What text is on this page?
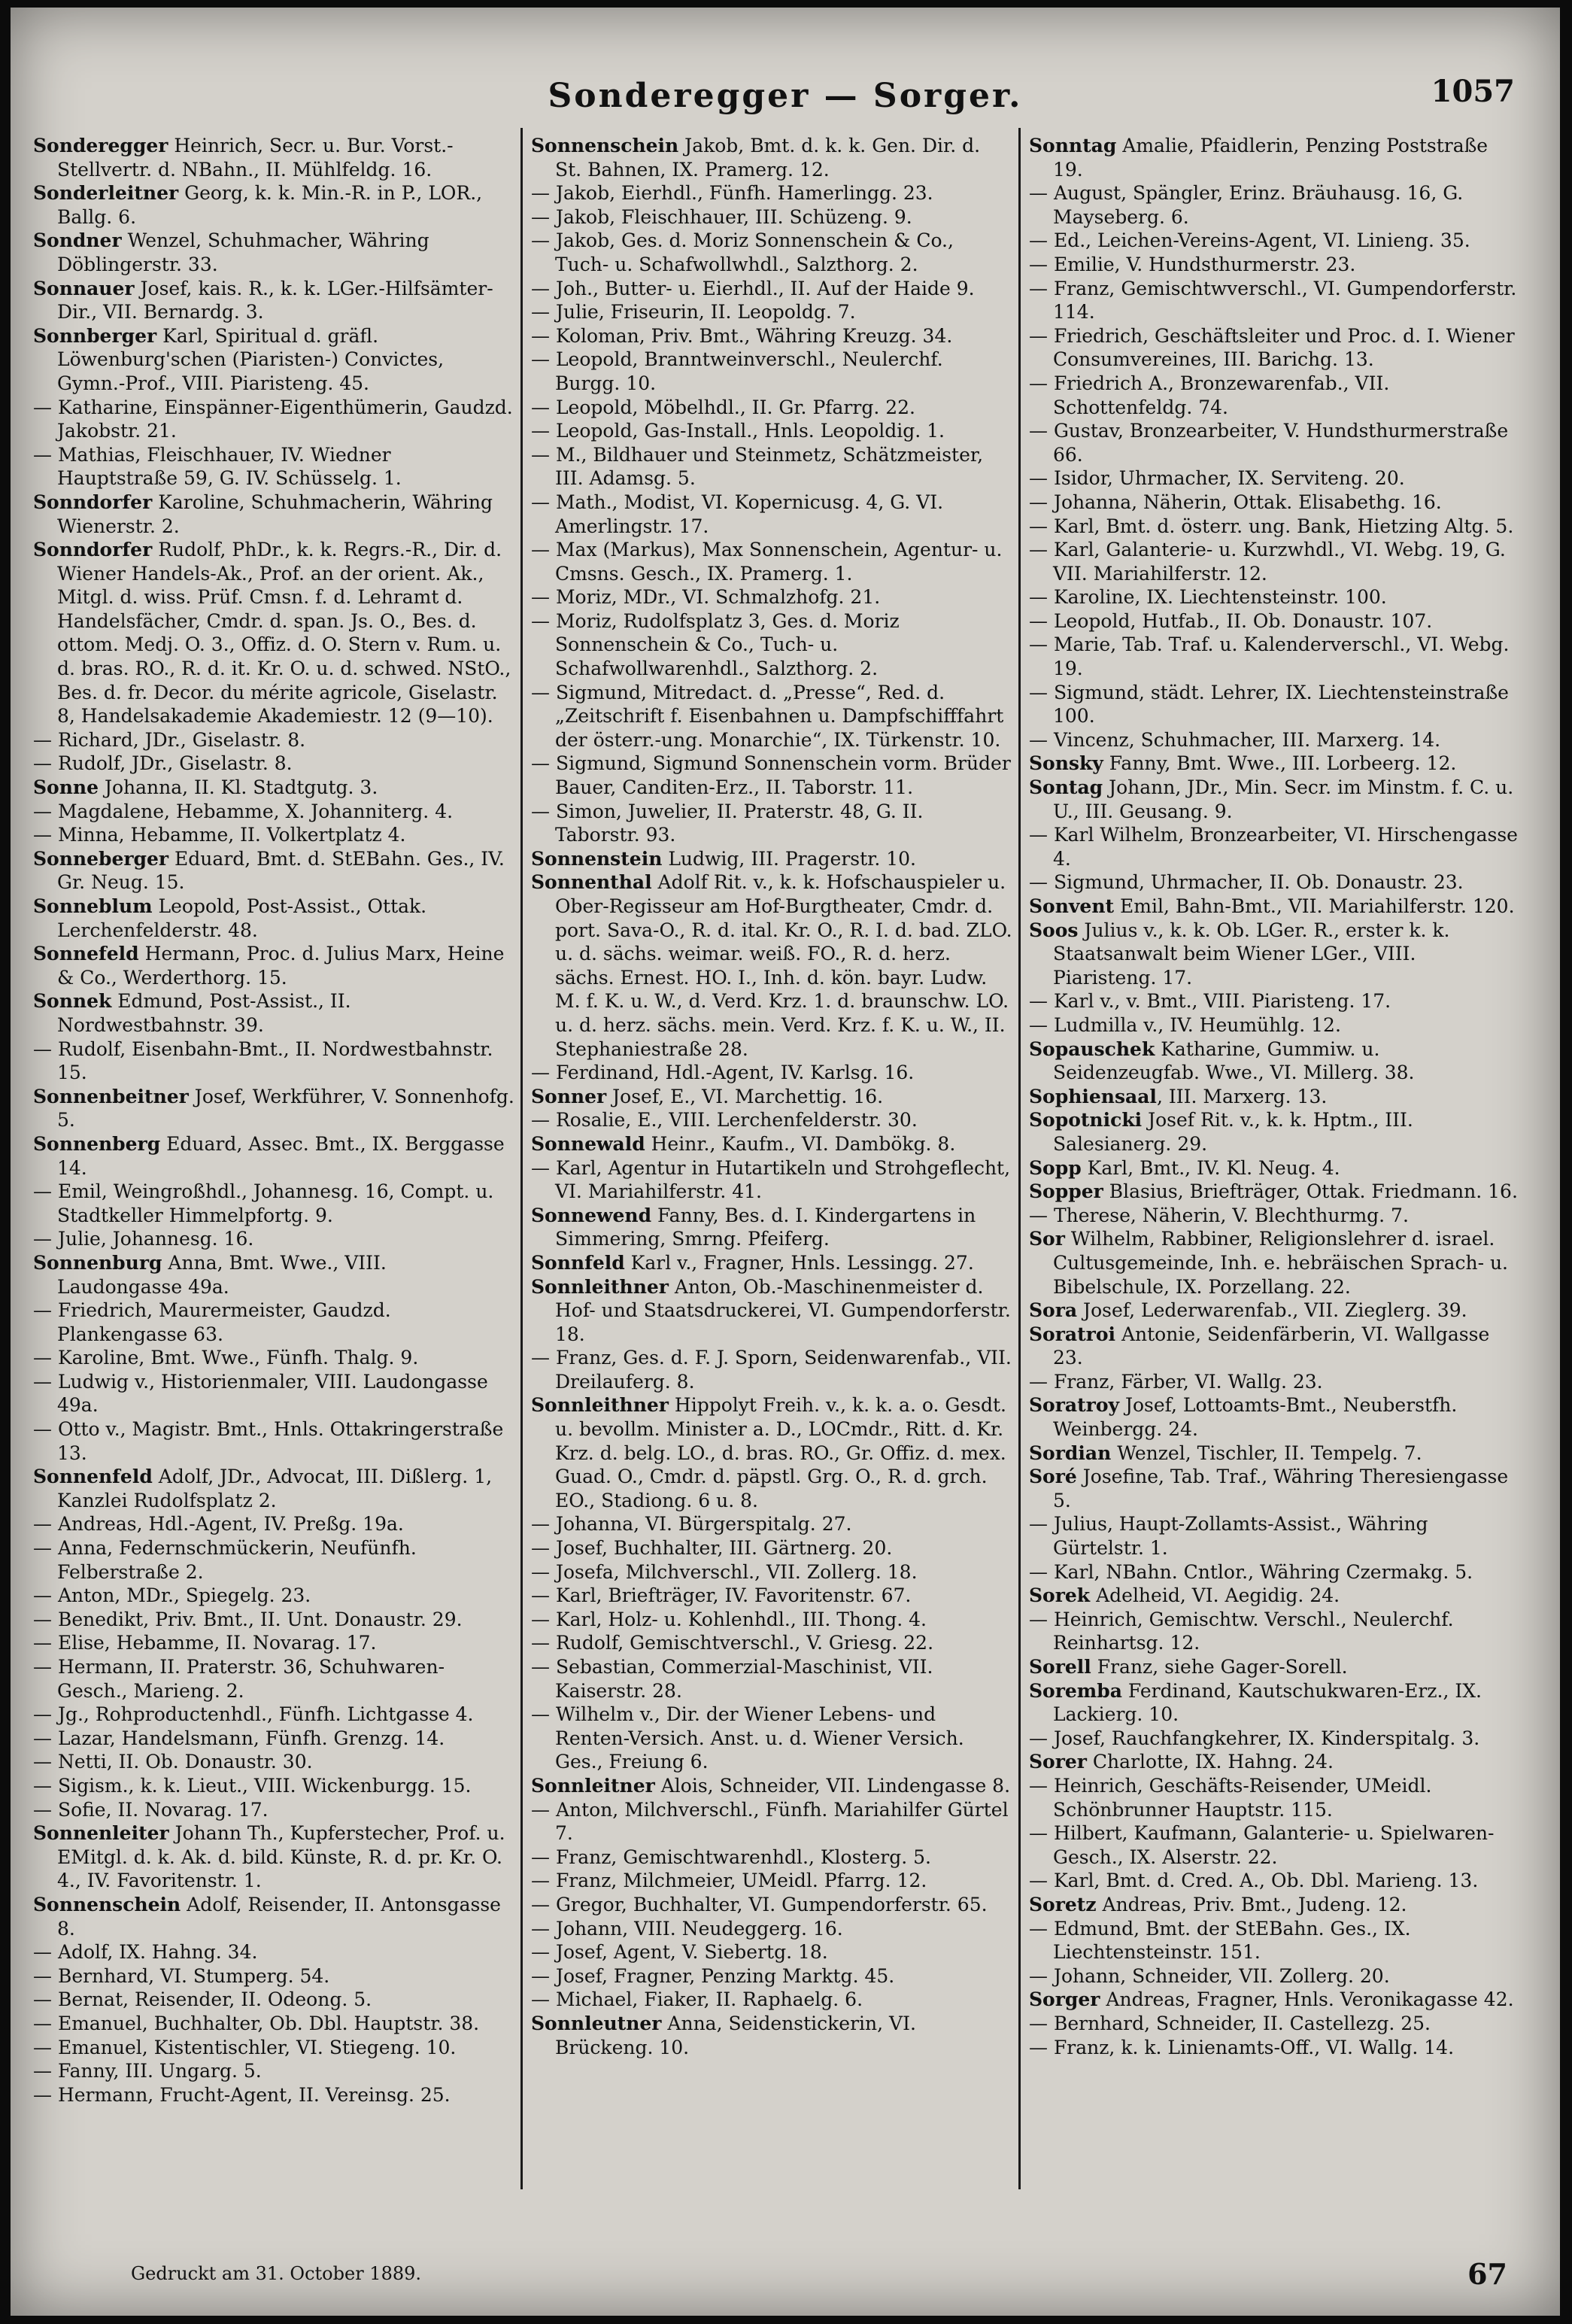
Sonderegger — Sorger.	1057
Sonderegger Heinrich, Secr. u. Bur. Vorst.-Stellvertr. d. NBahn., II. Mühlfeldg. 16.
Sonderleitner Georg, k. k. Min.-R. in P., LOR., Ballg. 6.
Sondner Wenzel, Schuhmacher, Währing Döblingerstr. 33.
Sonnauer Josef, kais. R., k. k. LGer.-Hilfsämter-Dir., VII. Bernardg. 3.
Sonnberger Karl, Spiritual d. gräfl. Löwenburg'schen (Piaristen-) Convictes, Gymn.-Prof., VIII. Piaristeng. 45.
— Katharine, Einspänner-Eigenthümerin, Gaudzd. Jakobstr. 21.
— Mathias, Fleischhauer, IV. Wiedner Hauptstraße 59, G. IV. Schüsselg. 1.
Sonndorfer Karoline, Schuhmacherin, Währing Wienerstr. 2.
Sonndorfer Rudolf, PhDr., k. k. Regrs.-R., Dir. d. Wiener Handels-Ak., Prof. an der orient. Ak., Mitgl. d. wiss. Prüf. Cmsn. f. d. Lehramt d. Handelsfächer, Cmdr. d. span. Js. O., Bes. d. ottom. Medj. O. 3., Offiz. d. O. Stern v. Rum. u. d. bras. RO., R. d. it. Kr. O. u. d. schwed. NStO., Bes. d. fr. Decor. du mérite agricole, Giselastr. 8, Handelsakademie Akademiestr. 12 (9—10).
— Richard, JDr., Giselastr. 8.
— Rudolf, JDr., Giselastr. 8.
Sonne Johanna, II. Kl. Stadtgutg. 3.
— Magdalene, Hebamme, X. Johanniterg. 4.
— Minna, Hebamme, II. Volkertplatz 4.
Sonneberger Eduard, Bmt. d. StEBahn. Ges., IV. Gr. Neug. 15.
Sonneblum Leopold, Post-Assist., Ottak. Lerchenfelderstr. 48.
Sonnefeld Hermann, Proc. d. Julius Marx, Heine & Co., Werderthorg. 15.
Sonnek Edmund, Post-Assist., II. Nordwestbahnstr. 39.
— Rudolf, Eisenbahn-Bmt., II. Nordwestbahnstr. 15.
Sonnenbeitner Josef, Werkführer, V. Sonnenhofg. 5.
Sonnenberg Eduard, Assec. Bmt., IX. Berggasse 14.
— Emil, Weingroßhdl., Johannesg. 16, Compt. u. Stadtkeller Himmelpfortg. 9.
— Julie, Johannesg. 16.
Sonnenburg Anna, Bmt. Wwe., VIII. Laudongasse 49a.
— Friedrich, Maurermeister, Gaudzd. Plankengasse 63.
— Karoline, Bmt. Wwe., Fünfh. Thalg. 9.
— Ludwig v., Historienmaler, VIII. Laudongasse 49a.
— Otto v., Magistr. Bmt., Hnls. Ottakringerstraße 13.
Sonnenfeld Adolf, JDr., Advocat, III. Dißlerg. 1, Kanzlei Rudolfsplatz 2.
— Andreas, Hdl.-Agent, IV. Preßg. 19a.
— Anna, Federnschmückerin, Neufünfh. Felberstraße 2.
— Anton, MDr., Spiegelg. 23.
— Benedikt, Priv. Bmt., II. Unt. Donaustr. 29.
— Elise, Hebamme, II. Novarag. 17.
— Hermann, II. Praterstr. 36, Schuhwaren-Gesch., Marieng. 2.
— Jg., Rohproductenhdl., Fünfh. Lichtgasse 4.
— Lazar, Handelsmann, Fünfh. Grenzg. 14.
— Netti, II. Ob. Donaustr. 30.
— Sigism., k. k. Lieut., VIII. Wickenburgg. 15.
— Sofie, II. Novarag. 17.
Sonnenleiter Johann Th., Kupferstecher, Prof. u. EMitgl. d. k. Ak. d. bild. Künste, R. d. pr. Kr. O. 4., IV. Favoritenstr. 1.
Sonnenschein Adolf, Reisender, II. Antonsgasse 8.
— Adolf, IX. Hahng. 34.
— Bernhard, VI. Stumperg. 54.
— Bernat, Reisender, II. Odeong. 5.
— Emanuel, Buchhalter, Ob. Dbl. Hauptstr. 38.
— Emanuel, Kistentischler, VI. Stiegeng. 10.
— Fanny, III. Ungarg. 5.
— Hermann, Frucht-Agent, II. Vereinsg. 25.
Sonnenschein Jakob, Bmt. d. k. k. Gen. Dir. d. St. Bahnen, IX. Pramerg. 12.
— Jakob, Eierhdl., Fünfh. Hamerlingg. 23.
— Jakob, Fleischhauer, III. Schüzeng. 9.
— Jakob, Ges. d. Moriz Sonnenschein & Co., Tuch- u. Schafwollwhdl., Salzthorg. 2.
— Joh., Butter- u. Eierhdl., II. Auf der Haide 9.
— Julie, Friseurin, II. Leopoldg. 7.
— Koloman, Priv. Bmt., Währing Kreuzg. 34.
— Leopold, Branntweinverschl., Neulerchf. Burgg. 10.
— Leopold, Möbelhdl., II. Gr. Pfarrg. 22.
— Leopold, Gas-Install., Hnls. Leopoldig. 1.
— M., Bildhauer und Steinmetz, Schätzmeister, III. Adamsg. 5.
— Math., Modist, VI. Kopernicusg. 4, G. VI. Amerlingstr. 17.
— Max (Markus), Max Sonnenschein, Agentur- u. Cmsns. Gesch., IX. Pramerg. 1.
— Moriz, MDr., VI. Schmalzhofg. 21.
— Moriz, Rudolfsplatz 3, Ges. d. Moriz Sonnenschein & Co., Tuch- u. Schafwollwarenhdl., Salzthorg. 2.
— Sigmund, Mitredact. d. „Presse“, Red. d. „Zeitschrift f. Eisenbahnen u. Dampfschifffahrt der österr.-ung. Monarchie“, IX. Türkenstr. 10.
— Sigmund, Sigmund Sonnenschein vorm. Brüder Bauer, Canditen-Erz., II. Taborstr. 11.
— Simon, Juwelier, II. Praterstr. 48, G. II. Taborstr. 93.
Sonnenstein Ludwig, III. Pragerstr. 10.
Sonnenthal Adolf Rit. v., k. k. Hofschauspieler u. Ober-Regisseur am Hof-Burgtheater, Cmdr. d. port. Sava-O., R. d. ital. Kr. O., R. I. d. bad. ZLO. u. d. sächs. weimar. weiß. FO., R. d. herz. sächs. Ernest. HO. I., Inh. d. kön. bayr. Ludw. M. f. K. u. W., d. Verd. Krz. 1. d. braunschw. LO. u. d. herz. sächs. mein. Verd. Krz. f. K. u. W., II. Stephaniestraße 28.
— Ferdinand, Hdl.-Agent, IV. Karlsg. 16.
Sonner Josef, E., VI. Marchettig. 16.
— Rosalie, E., VIII. Lerchenfelderstr. 30.
Sonnewald Heinr., Kaufm., VI. Dambökg. 8.
— Karl, Agentur in Hutartikeln und Strohgeflecht, VI. Mariahilferstr. 41.
Sonnewend Fanny, Bes. d. I. Kindergartens in Simmering, Smrng. Pfeiferg.
Sonnfeld Karl v., Fragner, Hnls. Lessingg. 27.
Sonnleithner Anton, Ob.-Maschinenmeister d. Hof- und Staatsdruckerei, VI. Gumpendorferstr. 18.
— Franz, Ges. d. F. J. Sporn, Seidenwarenfab., VII. Dreilauferg. 8.
Sonnleithner Hippolyt Freih. v., k. k. a. o. Gesdt. u. bevollm. Minister a. D., LOCmdr., Ritt. d. Kr. Krz. d. belg. LO., d. bras. RO., Gr. Offiz. d. mex. Guad. O., Cmdr. d. päpstl. Grg. O., R. d. grch. EO., Stadiong. 6 u. 8.
— Johanna, VI. Bürgerspitalg. 27.
— Josef, Buchhalter, III. Gärtnerg. 20.
— Josefa, Milchverschl., VII. Zollerg. 18.
— Karl, Briefträger, IV. Favoritenstr. 67.
— Karl, Holz- u. Kohlenhdl., III. Thong. 4.
— Rudolf, Gemischtverschl., V. Griesg. 22.
— Sebastian, Commerzial-Maschinist, VII. Kaiserstr. 28.
— Wilhelm v., Dir. der Wiener Lebens- und Renten-Versich. Anst. u. d. Wiener Versich. Ges., Freiung 6.
Sonnleitner Alois, Schneider, VII. Lindengasse 8.
— Anton, Milchverschl., Fünfh. Mariahilfer Gürtel 7.
— Franz, Gemischtwarenhdl., Klosterg. 5.
— Franz, Milchmeier, UMeidl. Pfarrg. 12.
— Gregor, Buchhalter, VI. Gumpendorferstr. 65.
— Johann, VIII. Neudeggerg. 16.
— Josef, Agent, V. Siebertg. 18.
— Josef, Fragner, Penzing Marktg. 45.
— Michael, Fiaker, II. Raphaelg. 6.
Sonnleutner Anna, Seidenstickerin, VI. Brückeng. 10.
Sonntag Amalie, Pfaidlerin, Penzing Poststraße 19.
— August, Spängler, Erinz. Bräuhausg. 16, G. Mayseberg. 6.
— Ed., Leichen-Vereins-Agent, VI. Linieng. 35.
— Emilie, V. Hundsthurmerstr. 23.
— Franz, Gemischtwverschl., VI. Gumpendorferstr. 114.
— Friedrich, Geschäftsleiter und Proc. d. I. Wiener Consumvereines, III. Barichg. 13.
— Friedrich A., Bronzewarenfab., VII. Schottenfeldg. 74.
— Gustav, Bronzearbeiter, V. Hundsthurmerstraße 66.
— Isidor, Uhrmacher, IX. Serviteng. 20.
— Johanna, Näherin, Ottak. Elisabethg. 16.
— Karl, Bmt. d. österr. ung. Bank, Hietzing Altg. 5.
— Karl, Galanterie- u. Kurzwhdl., VI. Webg. 19, G. VII. Mariahilferstr. 12.
— Karoline, IX. Liechtensteinstr. 100.
— Leopold, Hutfab., II. Ob. Donaustr. 107.
— Marie, Tab. Traf. u. Kalenderverschl., VI. Webg. 19.
— Sigmund, städt. Lehrer, IX. Liechtensteinstraße 100.
— Vincenz, Schuhmacher, III. Marxerg. 14.
Sonsky Fanny, Bmt. Wwe., III. Lorbeerg. 12.
Sontag Johann, JDr., Min. Secr. im Minstm. f. C. u. U., III. Geusang. 9.
— Karl Wilhelm, Bronzearbeiter, VI. Hirschengasse 4.
— Sigmund, Uhrmacher, II. Ob. Donaustr. 23.
Sonvent Emil, Bahn-Bmt., VII. Mariahilferstr. 120.
Soos Julius v., k. k. Ob. LGer. R., erster k. k. Staatsanwalt beim Wiener LGer., VIII. Piaristeng. 17.
— Karl v., v. Bmt., VIII. Piaristeng. 17.
— Ludmilla v., IV. Heumühlg. 12.
Sopauschek Katharine, Gummiw. u. Seidenzeugfab. Wwe., VI. Millerg. 38.
Sophiensaal, III. Marxerg. 13.
Sopotnicki Josef Rit. v., k. k. Hptm., III. Salesianerg. 29.
Sopp Karl, Bmt., IV. Kl. Neug. 4.
Sopper Blasius, Briefträger, Ottak. Friedmann. 16.
— Therese, Näherin, V. Blechthurmg. 7.
Sor Wilhelm, Rabbiner, Religionslehrer d. israel. Cultusgemeinde, Inh. e. hebräischen Sprach- u. Bibelschule, IX. Porzellang. 22.
Sora Josef, Lederwarenfab., VII. Zieglerg. 39.
Soratroi Antonie, Seidenfärberin, VI. Wallgasse 23.
— Franz, Färber, VI. Wallg. 23.
Soratroy Josef, Lottoamts-Bmt., Neuberstfh. Weinbergg. 24.
Sordian Wenzel, Tischler, II. Tempelg. 7.
Soré Josefine, Tab. Traf., Währing Theresiengasse 5.
— Julius, Haupt-Zollamts-Assist., Währing Gürtelstr. 1.
— Karl, NBahn. Cntlor., Währing Czermakg. 5.
Sorek Adelheid, VI. Aegidig. 24.
— Heinrich, Gemischtw. Verschl., Neulerchf. Reinhartsg. 12.
Sorell Franz, siehe Gager-Sorell.
Soremba Ferdinand, Kautschukwaren-Erz., IX. Lackierg. 10.
— Josef, Rauchfangkehrer, IX. Kinderspitalg. 3.
Sorer Charlotte, IX. Hahng. 24.
— Heinrich, Geschäfts-Reisender, UMeidl. Schönbrunner Hauptstr. 115.
— Hilbert, Kaufmann, Galanterie- u. Spielwaren-Gesch., IX. Alserstr. 22.
— Karl, Bmt. d. Cred. A., Ob. Dbl. Marieng. 13.
Soretz Andreas, Priv. Bmt., Judeng. 12.
— Edmund, Bmt. der StEBahn. Ges., IX. Liechtensteinstr. 151.
— Johann, Schneider, VII. Zollerg. 20.
Sorger Andreas, Fragner, Hnls. Veronikagasse 42.
— Bernhard, Schneider, II. Castellezg. 25.
— Franz, k. k. Linienamts-Off., VI. Wallg. 14.
Gedruckt am 31. October 1889.	67
